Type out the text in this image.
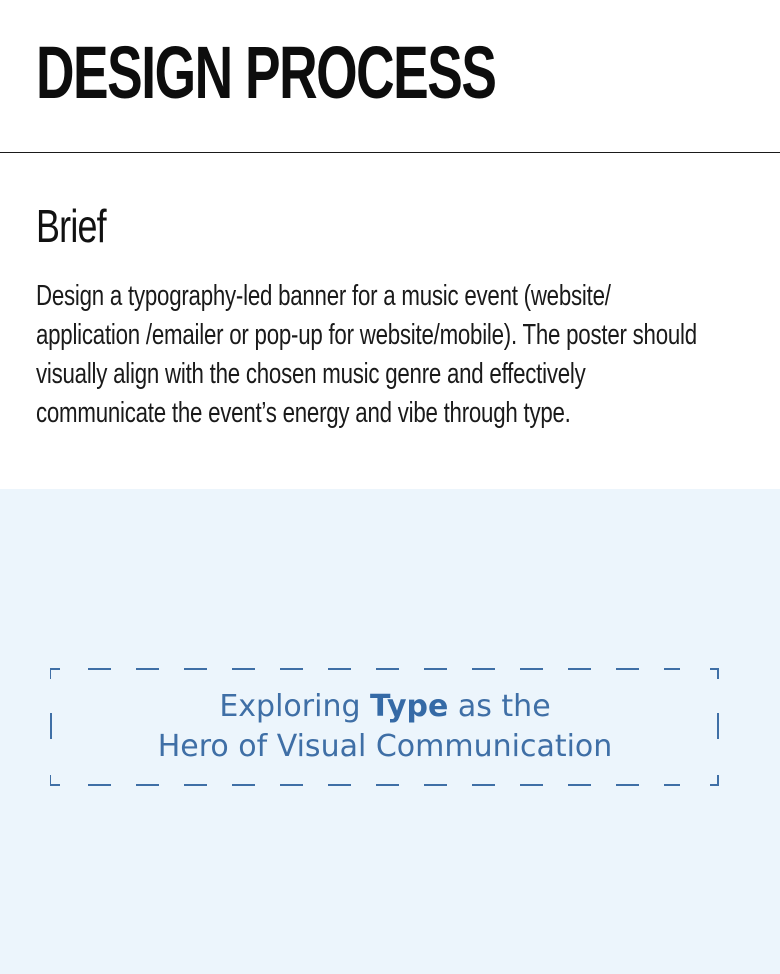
DESIGN PROCESS
Brief

Design a typography-led banner for a music event (website/
application /emailer or pop-up for website/mobile). The poster should
visually align with the chosen music genre and effectively
communicate the event’s energy and vibe through type.

Exploring Type as the
Hero of Visual Communication
